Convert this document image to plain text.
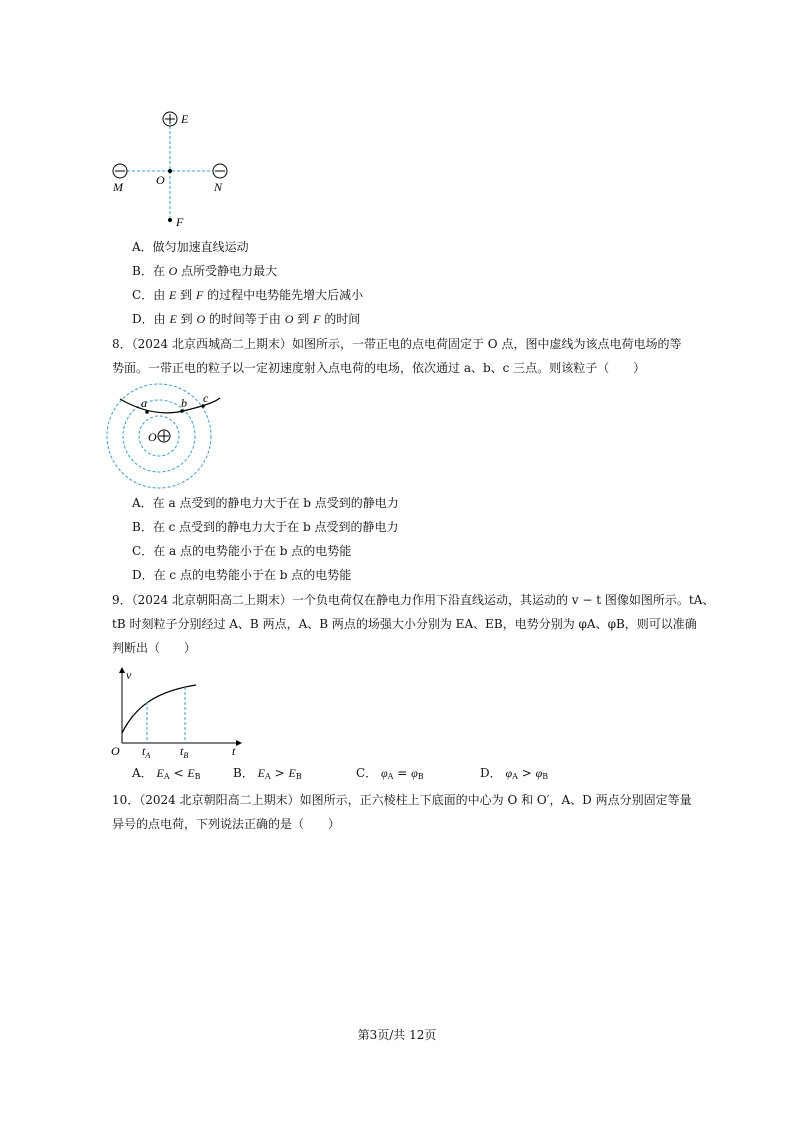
E
O
M	N
F
A．做匀加速直线运动
B．在 O 点所受静电力最大
C．由 E 到 F 的过程中电势能先增大后减小
D．由 E 到 O 的时间等于由 O 到 F 的时间
8．（2024 北京西城高二上期末）如图所示，一带正电的点电荷固定于 O 点，图中虚线为该点电荷电场的等
势面。一带正电的粒子以一定初速度射入点电荷的电场，依次通过 a、b、c 三点。则该粒子（　　）
a	b c
O
A．在 a 点受到的静电力大于在 b 点受到的静电力
B．在 c 点受到的静电力大于在 b 点受到的静电力
C．在 a 点的电势能小于在 b 点的电势能
D．在 c 点的电势能小于在 b 点的电势能
9．（2024 北京朝阳高二上期末）一个负电荷仅在静电力作用下沿直线运动，其运动的 v − t 图像如图所示。tA、
tB 时刻粒子分别经过 A、B 两点，A、B 两点的场强大小分别为 EA、EB，电势分别为 φA、φB，则可以准确
判断出（　　）
v
O	t
$t_A$ $t_B$
A． $E_A < E_B$	B． $E_A > E_B$	C． $\varphi_A = \varphi_B$	D． $\varphi_A > \varphi_B$
10．（2024 北京朝阳高二上期末）如图所示，正六棱柱上下底面的中心为 O 和 O′，A、D 两点分别固定等量
异号的点电荷，下列说法正确的是（　　）
第3页/共 12页
